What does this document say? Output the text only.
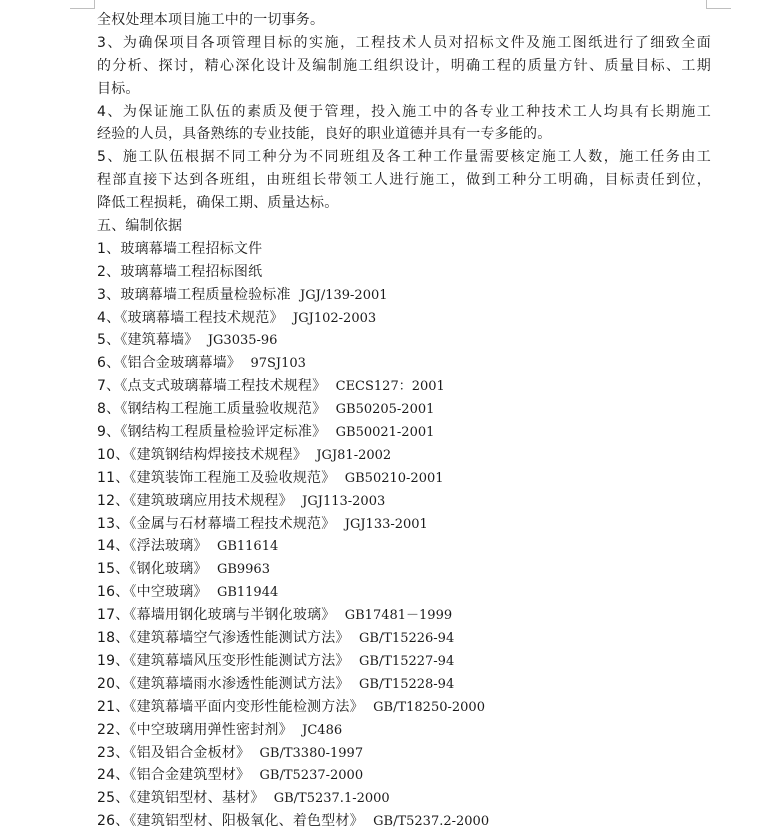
全权处理本项目施工中的一切事务。
3、为确保项目各项管理目标的实施，工程技术人员对招标文件及施工图纸进行了细致全面
的分析、探讨，精心深化设计及编制施工组织设计，明确工程的质量方针、质量目标、工期
目标。
4、为保证施工队伍的素质及便于管理，投入施工中的各专业工种技术工人均具有长期施工
经验的人员，具备熟练的专业技能，良好的职业道德并具有一专多能的。
5、施工队伍根据不同工种分为不同班组及各工种工作量需要核定施工人数，施工任务由工
程部直接下达到各班组，由班组长带领工人进行施工，做到工种分工明确，目标责任到位，
降低工程损耗，确保工期、质量达标。
五、编制依据
1、玻璃幕墙工程招标文件
2、玻璃幕墙工程招标图纸
3、玻璃幕墙工程质量检验标准 JGJ/139-2001
4、《玻璃幕墙工程技术规范》 JGJ102-2003
5、《建筑幕墙》 JG3035-96
6、《铝合金玻璃幕墙》 97SJ103
7、《点支式玻璃幕墙工程技术规程》 CECS127：2001
8、《钢结构工程施工质量验收规范》 GB50205-2001
9、《钢结构工程质量检验评定标准》 GB50021-2001
10、《建筑钢结构焊接技术规程》 JGJ81-2002
11、《建筑装饰工程施工及验收规范》 GB50210-2001
12、《建筑玻璃应用技术规程》 JGJ113-2003
13、《金属与石材幕墙工程技术规范》 JGJ133-2001
14、《浮法玻璃》 GB11614
15、《钢化玻璃》 GB9963
16、《中空玻璃》 GB11944
17、《幕墙用钢化玻璃与半钢化玻璃》 GB17481－1999
18、《建筑幕墙空气渗透性能测试方法》 GB/T15226-94
19、《建筑幕墙风压变形性能测试方法》 GB/T15227-94
20、《建筑幕墙雨水渗透性能测试方法》 GB/T15228-94
21、《建筑幕墙平面内变形性能检测方法》 GB/T18250-2000
22、《中空玻璃用弹性密封剂》 JC486
23、《铝及铝合金板材》 GB/T3380-1997
24、《铝合金建筑型材》 GB/T5237-2000
25、《建筑铝型材、基材》 GB/T5237.1-2000
26、《建筑铝型材、阳极氧化、着色型材》 GB/T5237.2-2000
